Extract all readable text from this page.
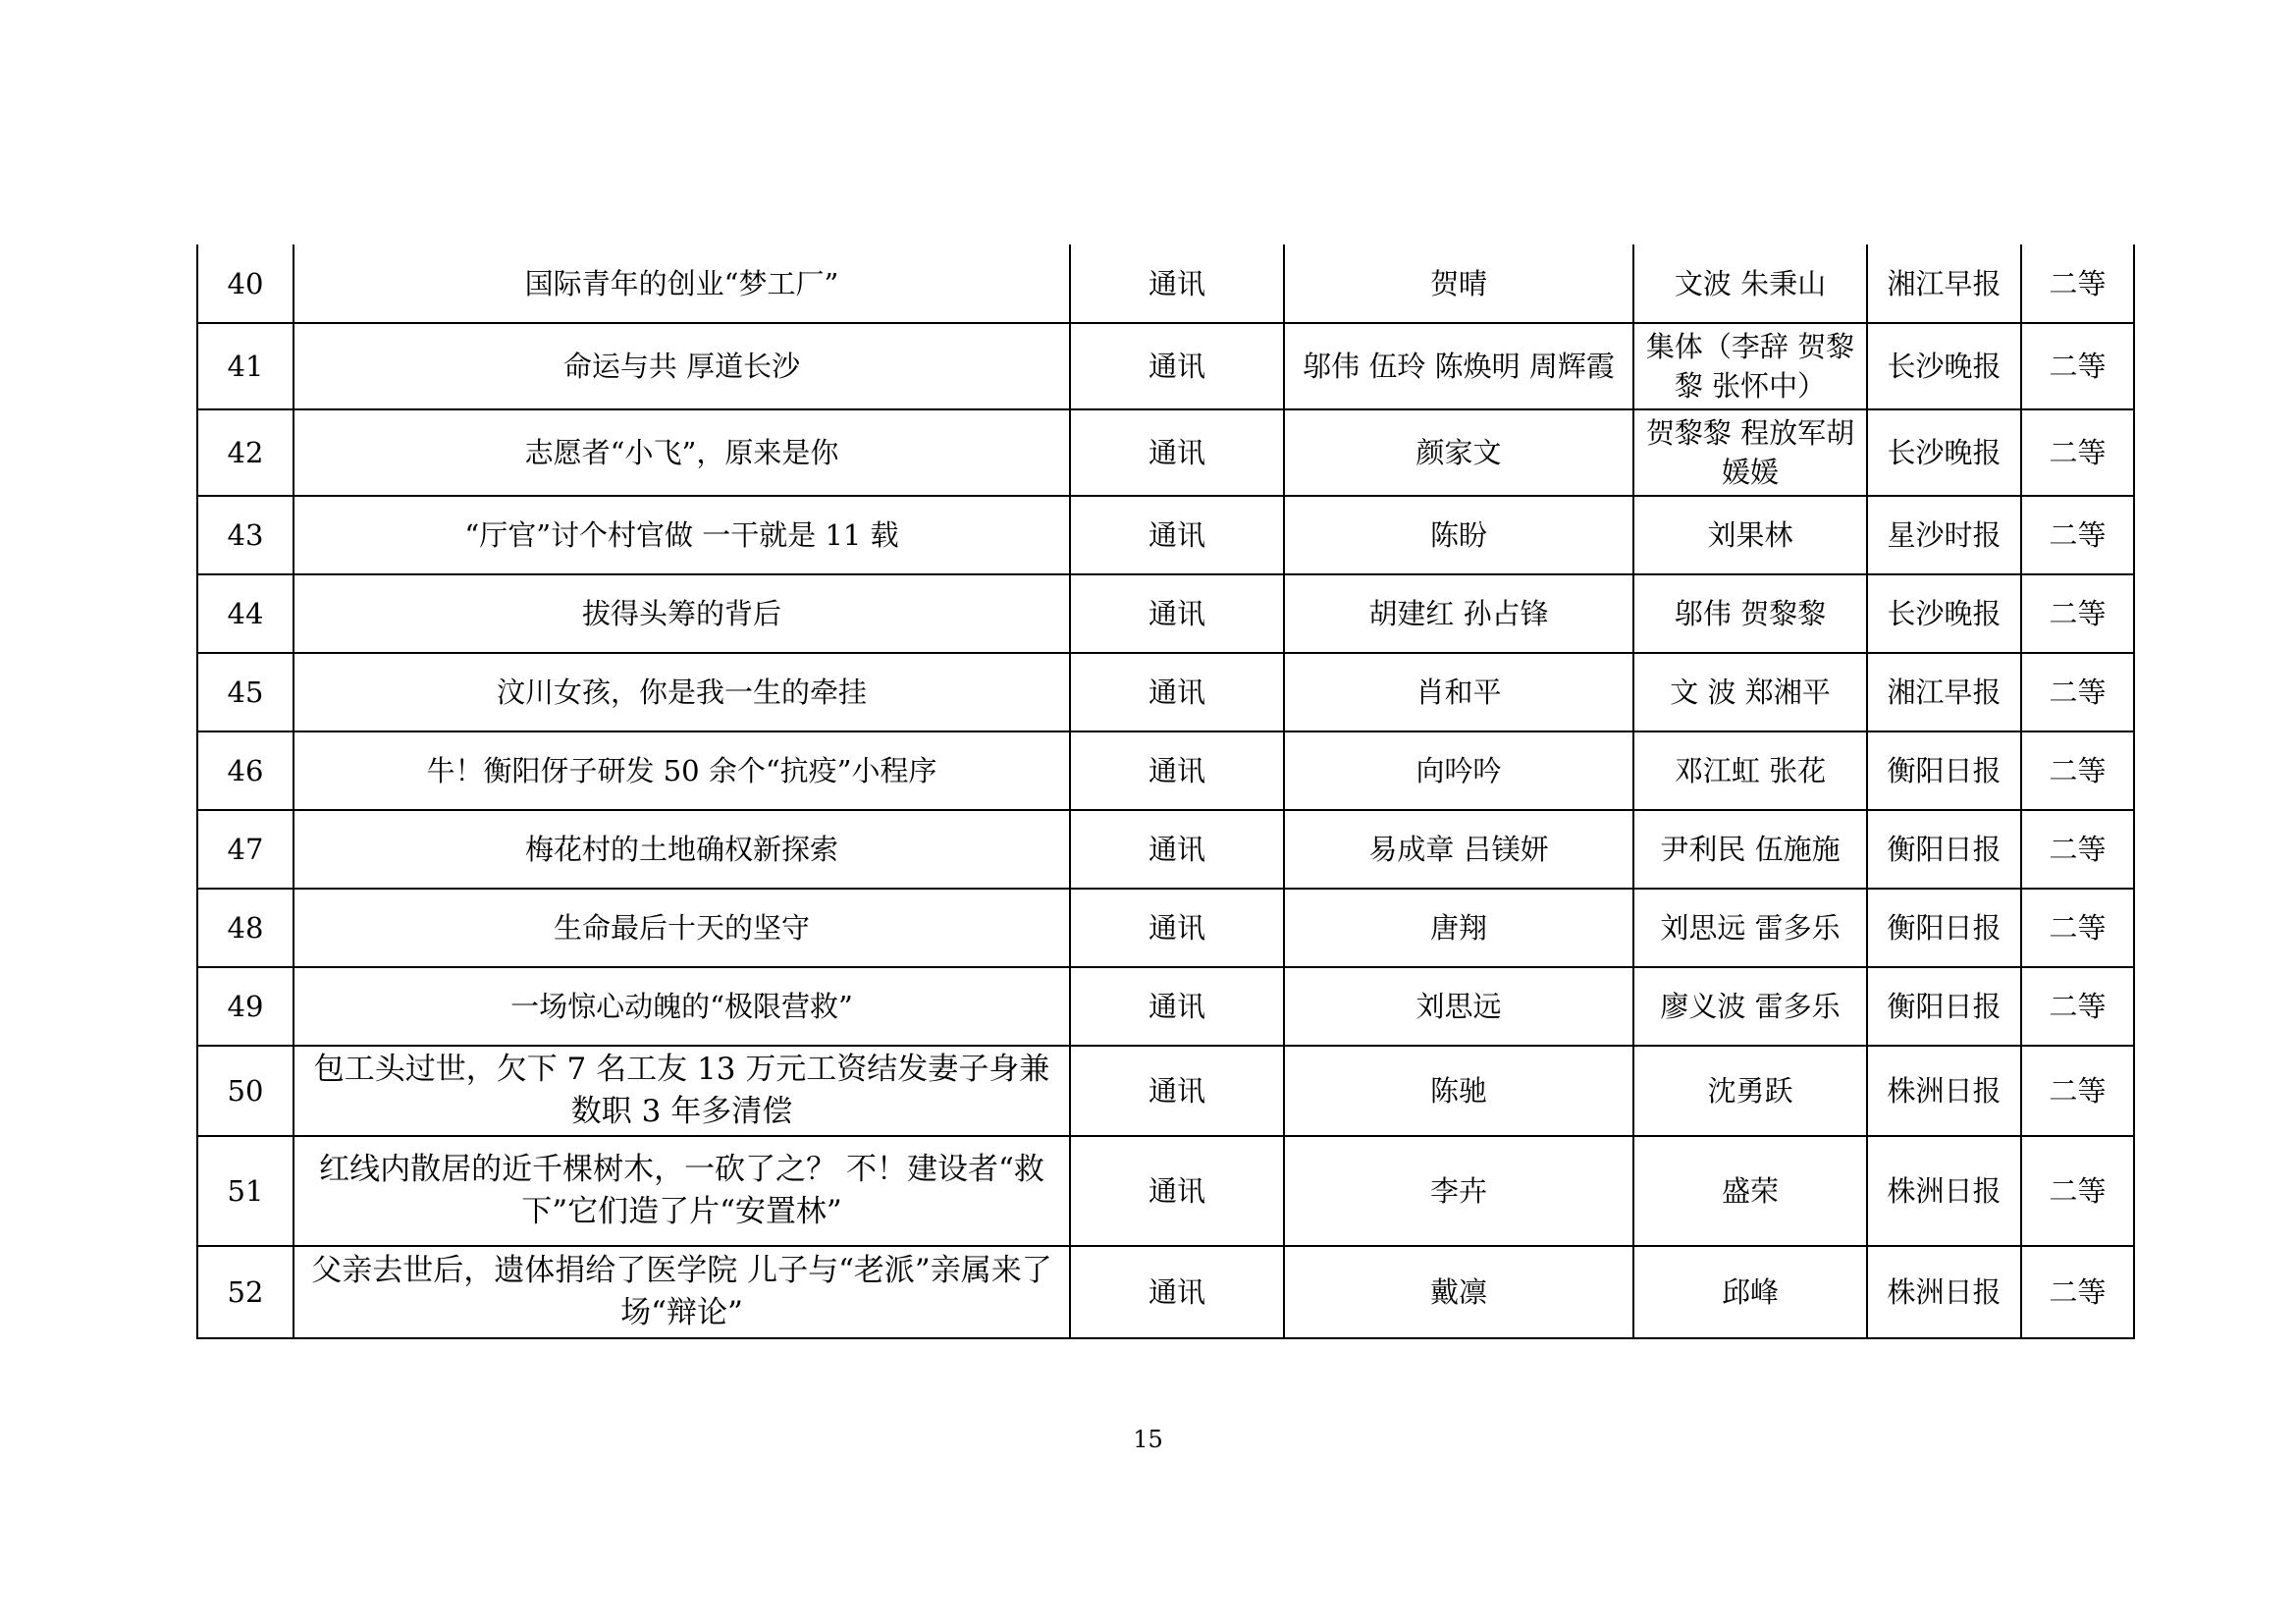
40	国际青年的创业“梦工厂”	通讯	贺晴	文波 朱秉山	湘江早报	二等
41	命运与共 厚道长沙	通讯	邬伟 伍玲 陈焕明 周辉霞	集体（李辞 贺黎黎 张怀中）	长沙晚报	二等
42	志愿者“小飞”，原来是你	通讯	颜家文	贺黎黎 程放军胡媛媛	长沙晚报	二等
43	“厅官”讨个村官做 一干就是 11 载	通讯	陈盼	刘果林	星沙时报	二等
44	拔得头筹的背后	通讯	胡建红 孙占锋	邬伟 贺黎黎	长沙晚报	二等
45	汶川女孩，你是我一生的牵挂	通讯	肖和平	文 波 郑湘平	湘江早报	二等
46	牛！衡阳伢子研发 50 余个“抗疫”小程序	通讯	向吟吟	邓江虹 张花	衡阳日报	二等
47	梅花村的土地确权新探索	通讯	易成章 吕镁妍	尹利民 伍施施	衡阳日报	二等
48	生命最后十天的坚守	通讯	唐翔	刘思远 雷多乐	衡阳日报	二等
49	一场惊心动魄的“极限营救”	通讯	刘思远	廖义波 雷多乐	衡阳日报	二等
50	包工头过世，欠下 7 名工友 13 万元工资结发妻子身兼数职 3 年多清偿	通讯	陈驰	沈勇跃	株洲日报	二等
51	红线内散居的近千棵树木，一砍了之？ 不！建设者“救下”它们造了片“安置林”	通讯	李卉	盛荣	株洲日报	二等
52	父亲去世后，遗体捐给了医学院 儿子与“老派”亲属来了场“辩论”	通讯	戴凛	邱峰	株洲日报	二等
15
